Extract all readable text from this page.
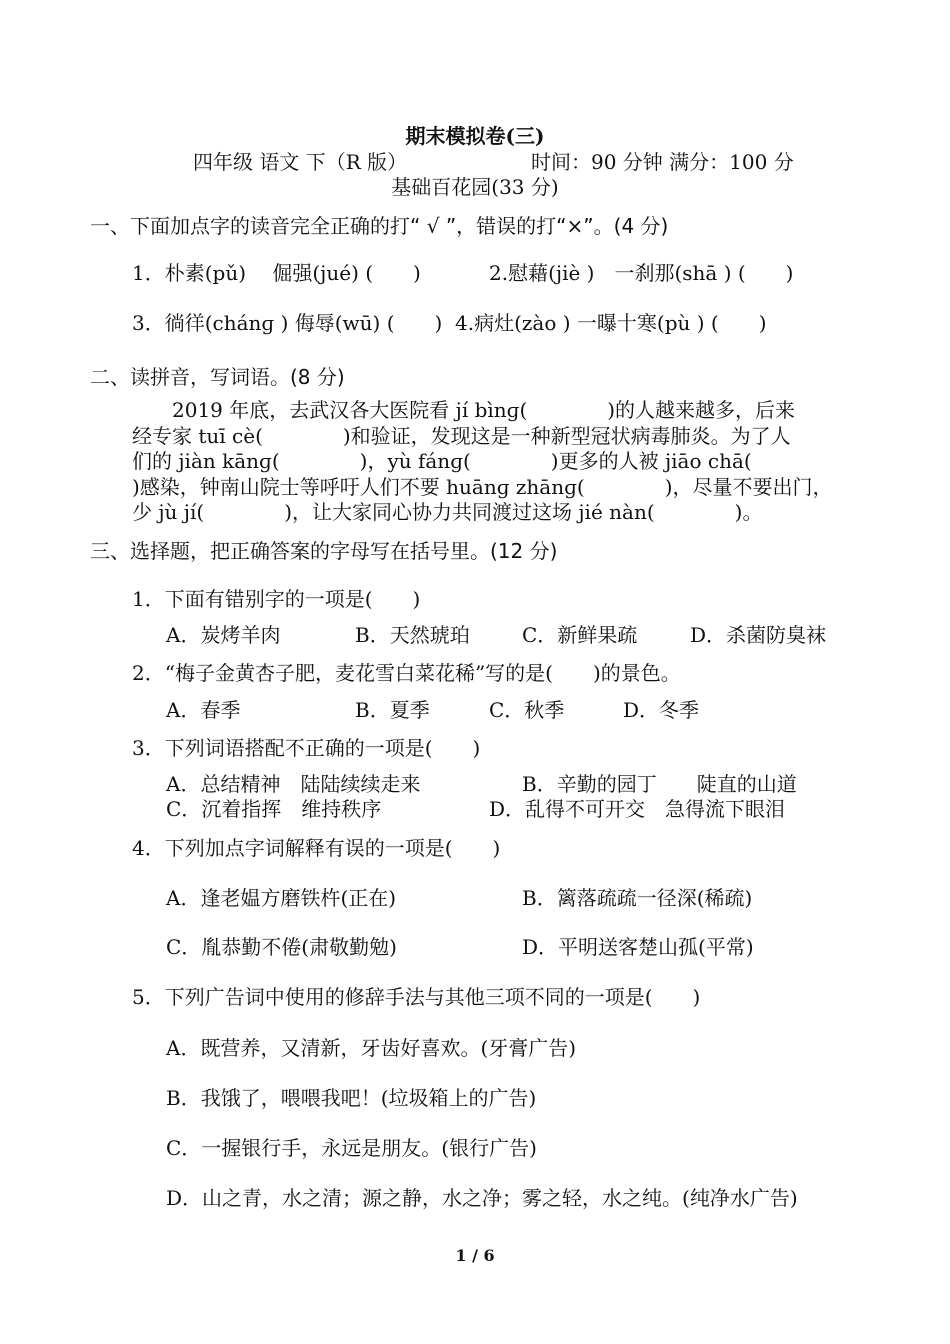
期末模拟卷(三)
四年级 语文 下（R 版）	时间：90 分钟 满分：100 分
基础百花园(33 分)
一、下面加点字的读音完全正确的打“ √ ”，错误的打“×”。(4 分)
1．朴素(pǔ)　 倔强(jué) (　　)	2.慰藉(jiè )　一刹那(shā ) (　　)
3．徜徉(chánɡ ) 侮辱(wū) (　　) 4.病灶(zào ) 一曝十寒(pù ) (　　)
二、读拼音，写词语。(8 分)
　　2019 年底，去武汉各大医院看 jí bìnɡ(　　　　)的人越来越多，后来
经专家 tuī cè(　　　　)和验证，发现这是一种新型冠状病毒肺炎。为了人
们的 jiàn kānɡ(　　　　)，yù fánɡ(　　　　)更多的人被 jiāo chā(
)感染，钟南山院士等呼吁人们不要 huānɡ zhānɡ(　　　　)，尽量不要出门，
少 jù jí(　　　　)，让大家同心协力共同渡过这场 jié nàn(　　　　)。
三、选择题，把正确答案的字母写在括号里。(12 分)
1．下面有错别字的一项是(　　)
A．炭烤羊肉	B．天然琥珀	C．新鲜果疏	D．杀菌防臭袜
2．“梅子金黄杏子肥，麦花雪白菜花稀”写的是(　　)的景色。
A．春季	B．夏季	C．秋季	D．冬季
3．下列词语搭配不正确的一项是(　　)
A．总结精神　陆陆续续走来	B．辛勤的园丁　　陡直的山道
C．沉着指挥　维持秩序	D．乱得不可开交　急得流下眼泪
4．下列加点字词解释有误的一项是(　　)
A．逢老媪方磨铁杵(正在)	B．篱落疏疏一径深(稀疏)
C．胤恭勤不倦(肃敬勤勉)	D．平明送客楚山孤(平常)
5．下列广告词中使用的修辞手法与其他三项不同的一项是(　　)
A．既营养，又清新，牙齿好喜欢。(牙膏广告)
B．我饿了，喂喂我吧！(垃圾箱上的广告)
C．一握银行手，永远是朋友。(银行广告)
D．山之青，水之清；源之静，水之净；雾之轻，水之纯。(纯净水广告)
1 / 6
